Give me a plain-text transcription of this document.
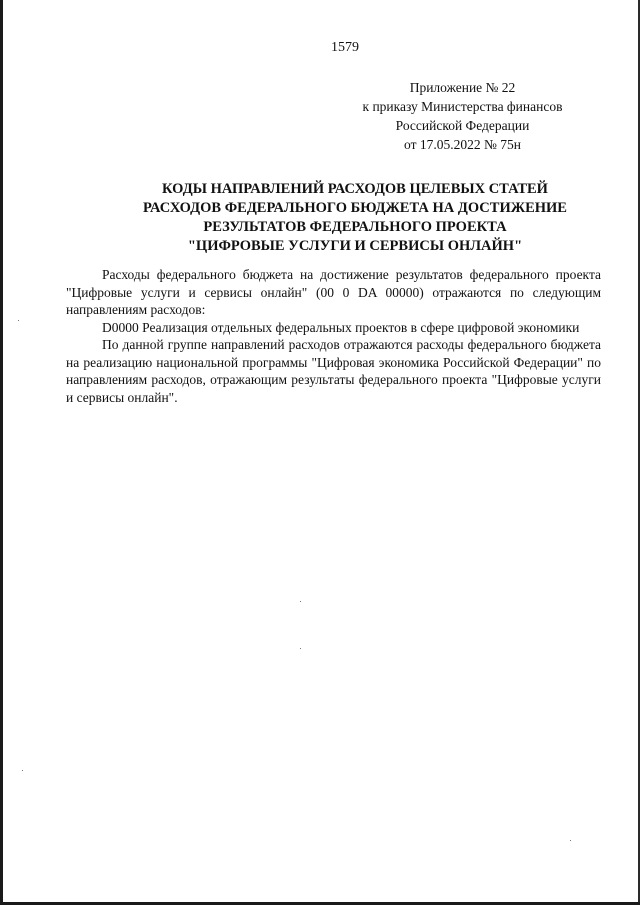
1579
Приложение № 22
к приказу Министерства финансов
Российской Федерации
от 17.05.2022 № 75н
КОДЫ НАПРАВЛЕНИЙ РАСХОДОВ ЦЕЛЕВЫХ СТАТЕЙ
РАСХОДОВ ФЕДЕРАЛЬНОГО БЮДЖЕТА НА ДОСТИЖЕНИЕ
РЕЗУЛЬТАТОВ ФЕДЕРАЛЬНОГО ПРОЕКТА
"ЦИФРОВЫЕ УСЛУГИ И СЕРВИСЫ ОНЛАЙН"

Расходы федерального бюджета на достижение результатов федерального проекта "Цифровые услуги и сервисы онлайн" (00 0 DA 00000) отражаются по следующим направлениям расходов:

D0000 Реализация отдельных федеральных проектов в сфере цифровой экономики

По данной группе направлений расходов отражаются расходы федерального бюджета на реализацию национальной программы "Цифровая экономика Российской Федерации" по направлениям расходов, отражающим результаты федерального проекта "Цифровые услуги и сервисы онлайн".
